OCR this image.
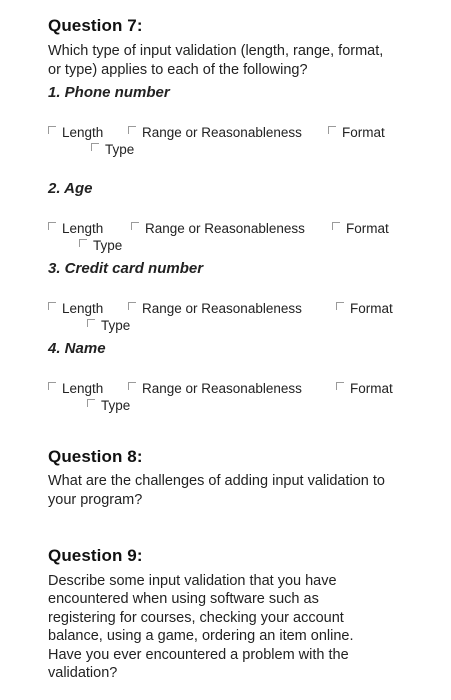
Question 7:
Which type of input validation (length, range, format,
or type) applies to each of the following?
1. Phone number
Length	Range or Reasonableness	Format
Type
2. Age
Length	Range or Reasonableness	Format
Type
3. Credit card number
Length	Range or Reasonableness	Format
Type
4. Name
Length	Range or Reasonableness	Format
Type
Question 8:
What are the challenges of adding input validation to
your program?
Question 9:
Describe some input validation that you have
encountered when using software such as
registering for courses, checking your account
balance, using a game, ordering an item online.
Have you ever encountered a problem with the
validation?
